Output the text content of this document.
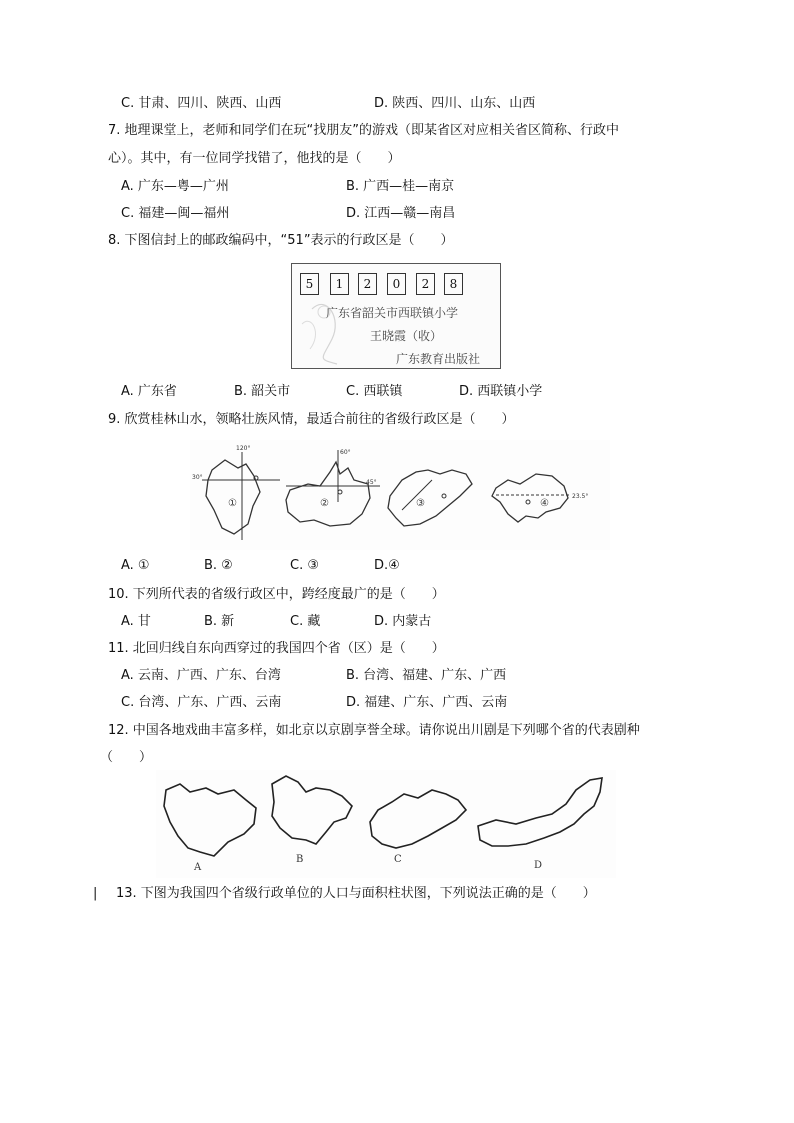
C. 甘肃、四川、陕西、山西	D. 陕西、四川、山东、山西
7. 地理课堂上，老师和同学们在玩“找朋友”的游戏（即某省区对应相关省区简称、行政中
心）。其中，有一位同学找错了，他找的是（　　）
A. 广东—粤—广州	B. 广西—桂—南京
C. 福建—闽—福州	D. 江西—赣—南昌
8. 下图信封上的邮政编码中，“51”表示的行政区是（　　）
5	1	2	0	2	8
广东省韶关市西联镇小学
王晓霞（收）
广东教育出版社
A. 广东省	B. 韶关市	C. 西联镇	D. 西联镇小学
9. 欣赏桂林山水，领略壮族风情，最适合前往的省级行政区是（　　）
120°
30°
①
60°
45°
②	③
23.5°
④
A. ①	B. ②	C. ③	D.④
10. 下列所代表的省级行政区中，跨经度最广的是（　　）
A. 甘	B. 新	C. 藏	D. 内蒙古
11. 北回归线自东向西穿过的我国四个省（区）是（　　）
A. 云南、广西、广东、台湾	B. 台湾、福建、广东、广西
C. 台湾、广东、广西、云南	D. 福建、广东、广西、云南
12. 中国各地戏曲丰富多样，如北京以京剧享誉全球。请你说出川剧是下列哪个省的代表剧种
（　　）
A
B	C
D
| 13. 下图为我国四个省级行政单位的人口与面积柱状图，下列说法正确的是（　　）
